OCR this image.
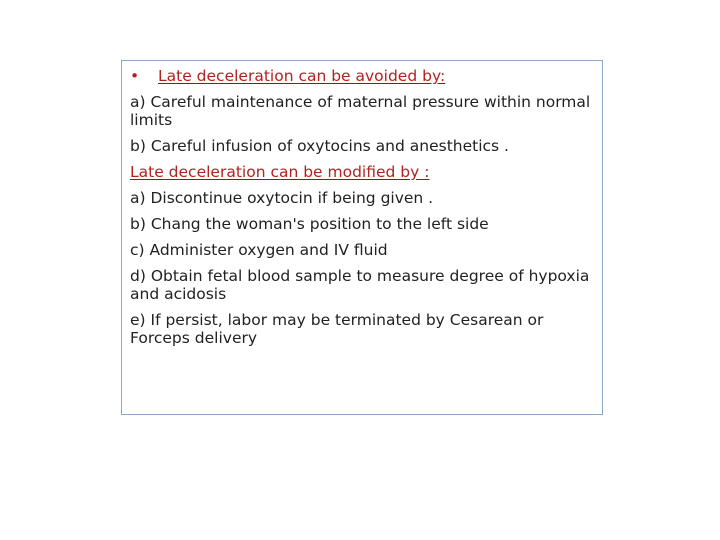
•	Late deceleration can be avoided by:
a) Careful maintenance of maternal pressure within normal limits
b) Careful infusion of oxytocins and anesthetics .
Late deceleration can be modified by :
a) Discontinue oxytocin if being given .
b) Chang the woman's position to the left side
c) Administer oxygen and IV fluid
d) Obtain fetal blood sample to measure degree of hypoxia and acidosis
e) If persist, labor may be terminated by Cesarean or Forceps delivery
